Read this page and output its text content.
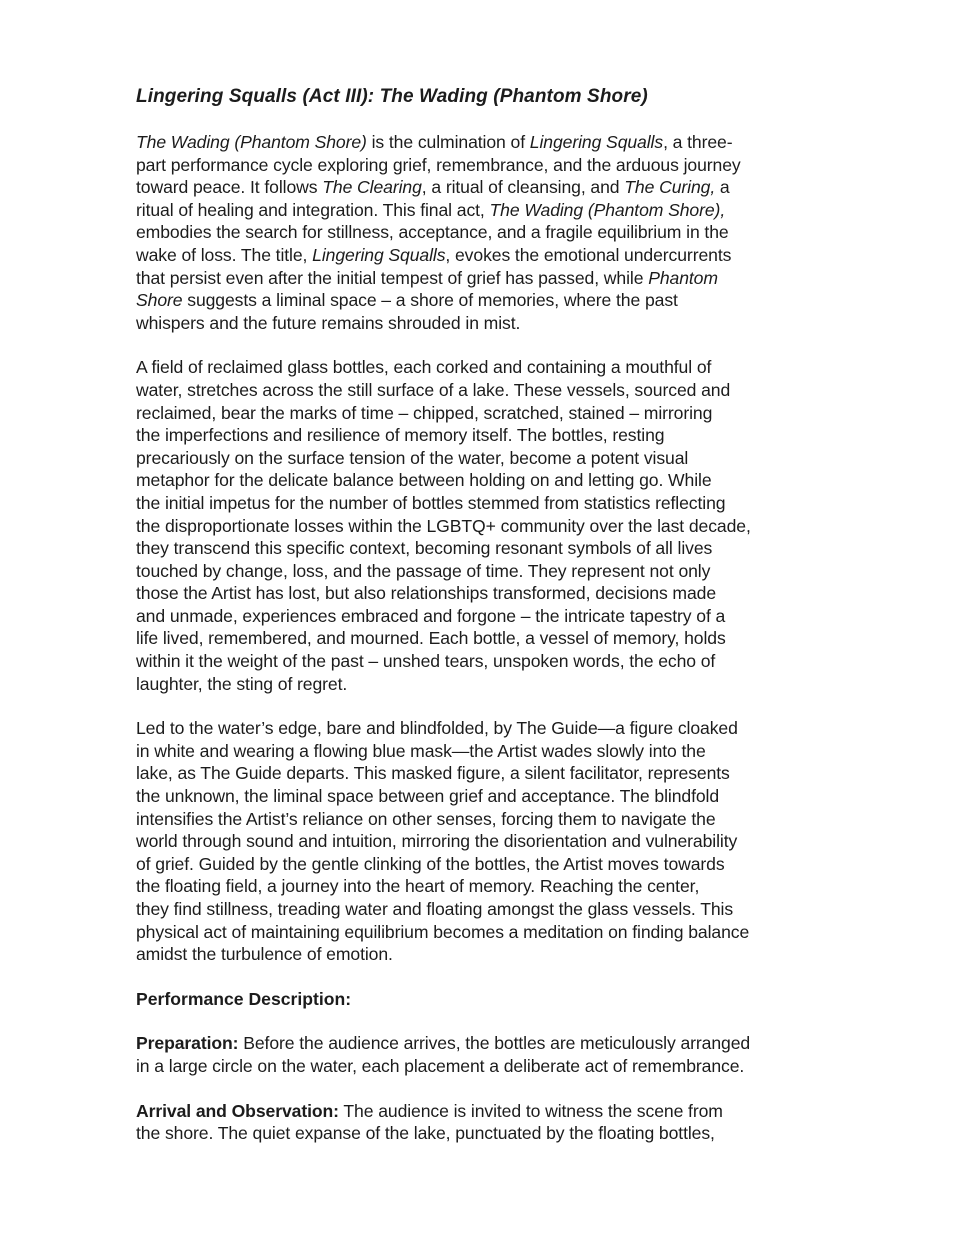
Lingering Squalls (Act III): The Wading (Phantom Shore)
The Wading (Phantom Shore) is the culmination of Lingering Squalls, a three-
part performance cycle exploring grief, remembrance, and the arduous journey
toward peace. It follows The Clearing, a ritual of cleansing, and The Curing, a
ritual of healing and integration. This final act, The Wading (Phantom Shore),
embodies the search for stillness, acceptance, and a fragile equilibrium in the
wake of loss. The title, Lingering Squalls, evokes the emotional undercurrents
that persist even after the initial tempest of grief has passed, while Phantom
Shore suggests a liminal space – a shore of memories, where the past
whispers and the future remains shrouded in mist.
A field of reclaimed glass bottles, each corked and containing a mouthful of
water, stretches across the still surface of a lake. These vessels, sourced and
reclaimed, bear the marks of time – chipped, scratched, stained – mirroring
the imperfections and resilience of memory itself. The bottles, resting
precariously on the surface tension of the water, become a potent visual
metaphor for the delicate balance between holding on and letting go. While
the initial impetus for the number of bottles stemmed from statistics reflecting
the disproportionate losses within the LGBTQ+ community over the last decade,
they transcend this specific context, becoming resonant symbols of all lives
touched by change, loss, and the passage of time. They represent not only
those the Artist has lost, but also relationships transformed, decisions made
and unmade, experiences embraced and forgone – the intricate tapestry of a
life lived, remembered, and mourned. Each bottle, a vessel of memory, holds
within it the weight of the past – unshed tears, unspoken words, the echo of
laughter, the sting of regret.
Led to the water’s edge, bare and blindfolded, by The Guide—a figure cloaked
in white and wearing a flowing blue mask—the Artist wades slowly into the
lake, as The Guide departs. This masked figure, a silent facilitator, represents
the unknown, the liminal space between grief and acceptance. The blindfold
intensifies the Artist’s reliance on other senses, forcing them to navigate the
world through sound and intuition, mirroring the disorientation and vulnerability
of grief. Guided by the gentle clinking of the bottles, the Artist moves towards
the floating field, a journey into the heart of memory. Reaching the center,
they find stillness, treading water and floating amongst the glass vessels. This
physical act of maintaining equilibrium becomes a meditation on finding balance
amidst the turbulence of emotion.
Performance Description:
Preparation: Before the audience arrives, the bottles are meticulously arranged
in a large circle on the water, each placement a deliberate act of remembrance.
Arrival and Observation: The audience is invited to witness the scene from
the shore. The quiet expanse of the lake, punctuated by the floating bottles,
